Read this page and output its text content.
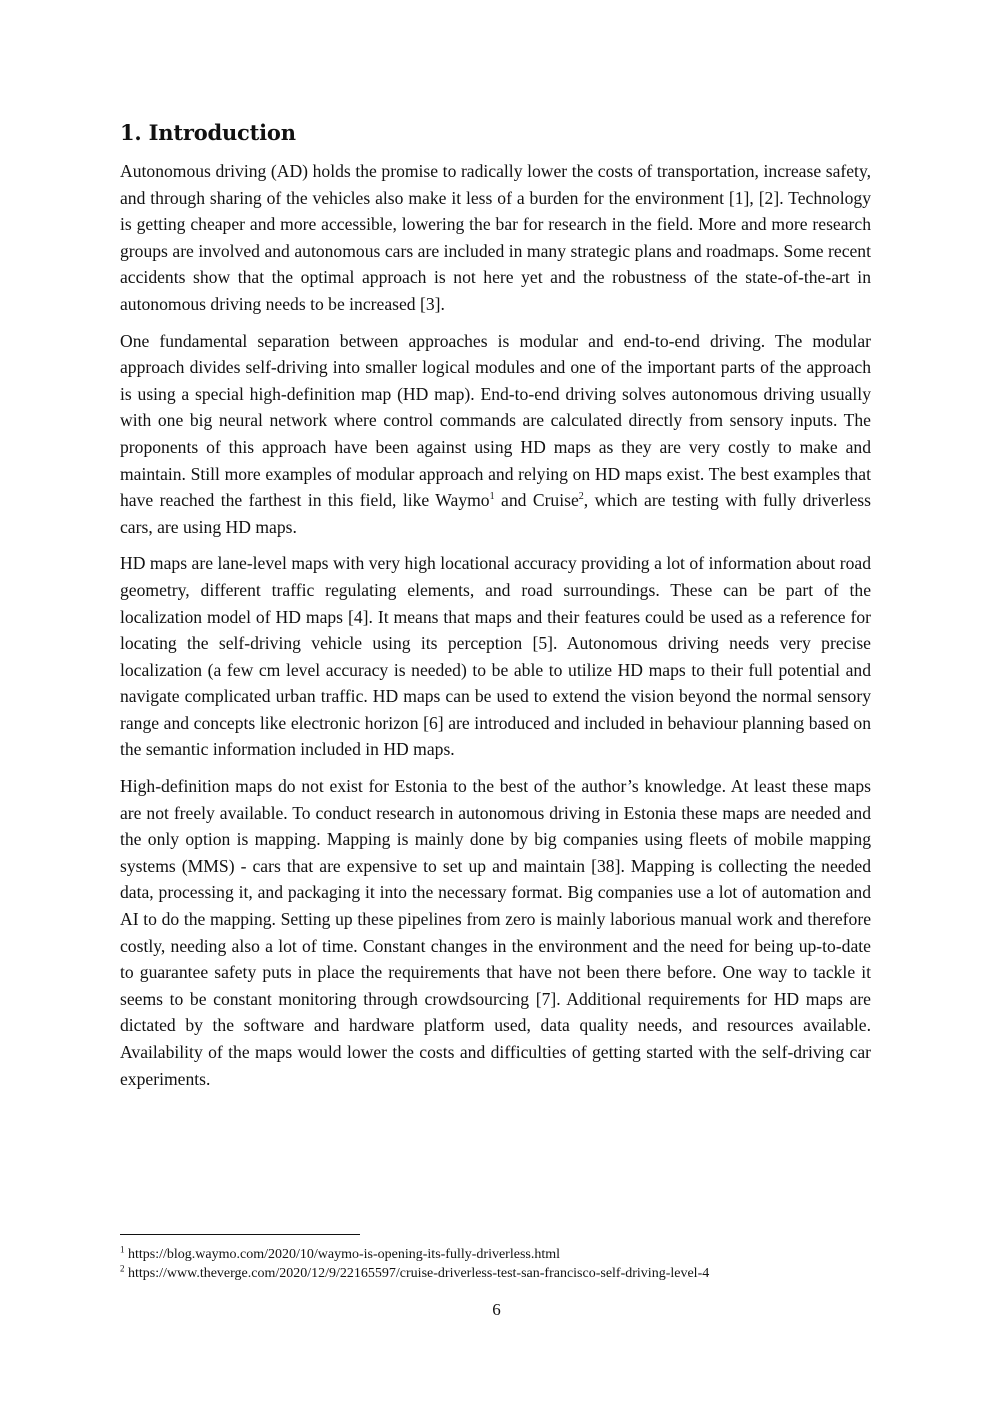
1. Introduction

Autonomous driving (AD) holds the promise to radically lower the costs of transportation, increase safety, and through sharing of the vehicles also make it less of a burden for the environment [1], [2]. Technology is getting cheaper and more accessible, lowering the bar for research in the field. More and more research groups are involved and autonomous cars are included in many strategic plans and roadmaps. Some recent accidents show that the optimal approach is not here yet and the robustness of the state-of-the-art in autonomous driving needs to be increased [3].

One fundamental separation between approaches is modular and end-to-end driving. The modular approach divides self-driving into smaller logical modules and one of the important parts of the approach is using a special high-definition map (HD map). End-to-end driving solves autonomous driving usually with one big neural network where control commands are calculated directly from sensory inputs. The proponents of this approach have been against using HD maps as they are very costly to make and maintain. Still more examples of modular approach and relying on HD maps exist. The best examples that have reached the farthest in this field, like Waymo$^1$ and Cruise$^2$, which are testing with fully driverless cars, are using HD maps.

HD maps are lane-level maps with very high locational accuracy providing a lot of information about road geometry, different traffic regulating elements, and road surroundings. These can be part of the localization model of HD maps [4]. It means that maps and their features could be used as a reference for locating the self-driving vehicle using its perception [5]. Autonomous driving needs very precise localization (a few cm level accuracy is needed) to be able to utilize HD maps to their full potential and navigate complicated urban traffic. HD maps can be used to extend the vision beyond the normal sensory range and concepts like electronic horizon [6] are introduced and included in behaviour planning based on the semantic information included in HD maps.

High-definition maps do not exist for Estonia to the best of the author’s knowledge. At least these maps are not freely available. To conduct research in autonomous driving in Estonia these maps are needed and the only option is mapping. Mapping is mainly done by big companies using fleets of mobile mapping systems (MMS) - cars that are expensive to set up and maintain [38]. Mapping is collecting the needed data, processing it, and packaging it into the necessary format. Big companies use a lot of automation and AI to do the mapping. Setting up these pipelines from zero is mainly laborious manual work and therefore costly, needing also a lot of time. Constant changes in the environment and the need for being up-to-date to guarantee safety puts in place the requirements that have not been there before. One way to tackle it seems to be constant monitoring through crowdsourcing [7]. Additional requirements for HD maps are dictated by the software and hardware platform used, data quality needs, and resources available. Availability of the maps would lower the costs and difficulties of getting started with the self-driving car experiments.

$^1$ https://blog.waymo.com/2020/10/waymo-is-opening-its-fully-driverless.html
$^2$ https://www.theverge.com/2020/12/9/22165597/cruise-driverless-test-san-francisco-self-driving-level-4
6
